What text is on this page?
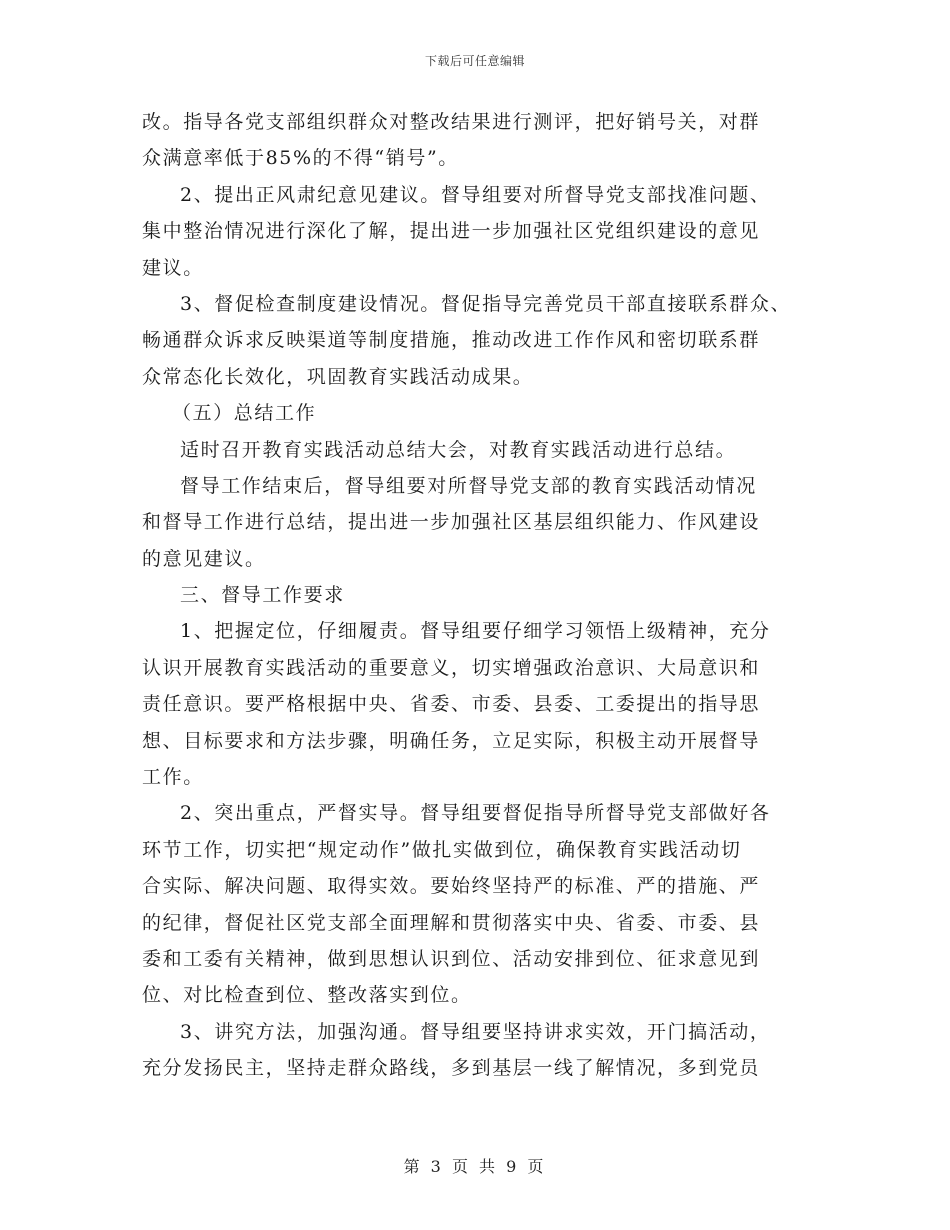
下载后可任意编辑
改。指导各党支部组织群众对整改结果进行测评，把好销号关，对群
众满意率低于85%的不得“销号”。
2、提出正风肃纪意见建议。督导组要对所督导党支部找准问题、
集中整治情况进行深化了解，提出进一步加强社区党组织建设的意见
建议。
3、督促检查制度建设情况。督促指导完善党员干部直接联系群众、
畅通群众诉求反映渠道等制度措施，推动改进工作作风和密切联系群
众常态化长效化，巩固教育实践活动成果。
（五）总结工作
适时召开教育实践活动总结大会，对教育实践活动进行总结。
督导工作结束后，督导组要对所督导党支部的教育实践活动情况
和督导工作进行总结，提出进一步加强社区基层组织能力、作风建设
的意见建议。
三、督导工作要求
1、把握定位，仔细履责。督导组要仔细学习领悟上级精神，充分
认识开展教育实践活动的重要意义，切实增强政治意识、大局意识和
责任意识。要严格根据中央、省委、市委、县委、工委提出的指导思
想、目标要求和方法步骤，明确任务，立足实际，积极主动开展督导
工作。
2、突出重点，严督实导。督导组要督促指导所督导党支部做好各
环节工作，切实把“规定动作”做扎实做到位，确保教育实践活动切
合实际、解决问题、取得实效。要始终坚持严的标准、严的措施、严
的纪律，督促社区党支部全面理解和贯彻落实中央、省委、市委、县
委和工委有关精神，做到思想认识到位、活动安排到位、征求意见到
位、对比检查到位、整改落实到位。
3、讲究方法，加强沟通。督导组要坚持讲求实效，开门搞活动，
充分发扬民主，坚持走群众路线，多到基层一线了解情况，多到党员
第 3 页 共 9 页
